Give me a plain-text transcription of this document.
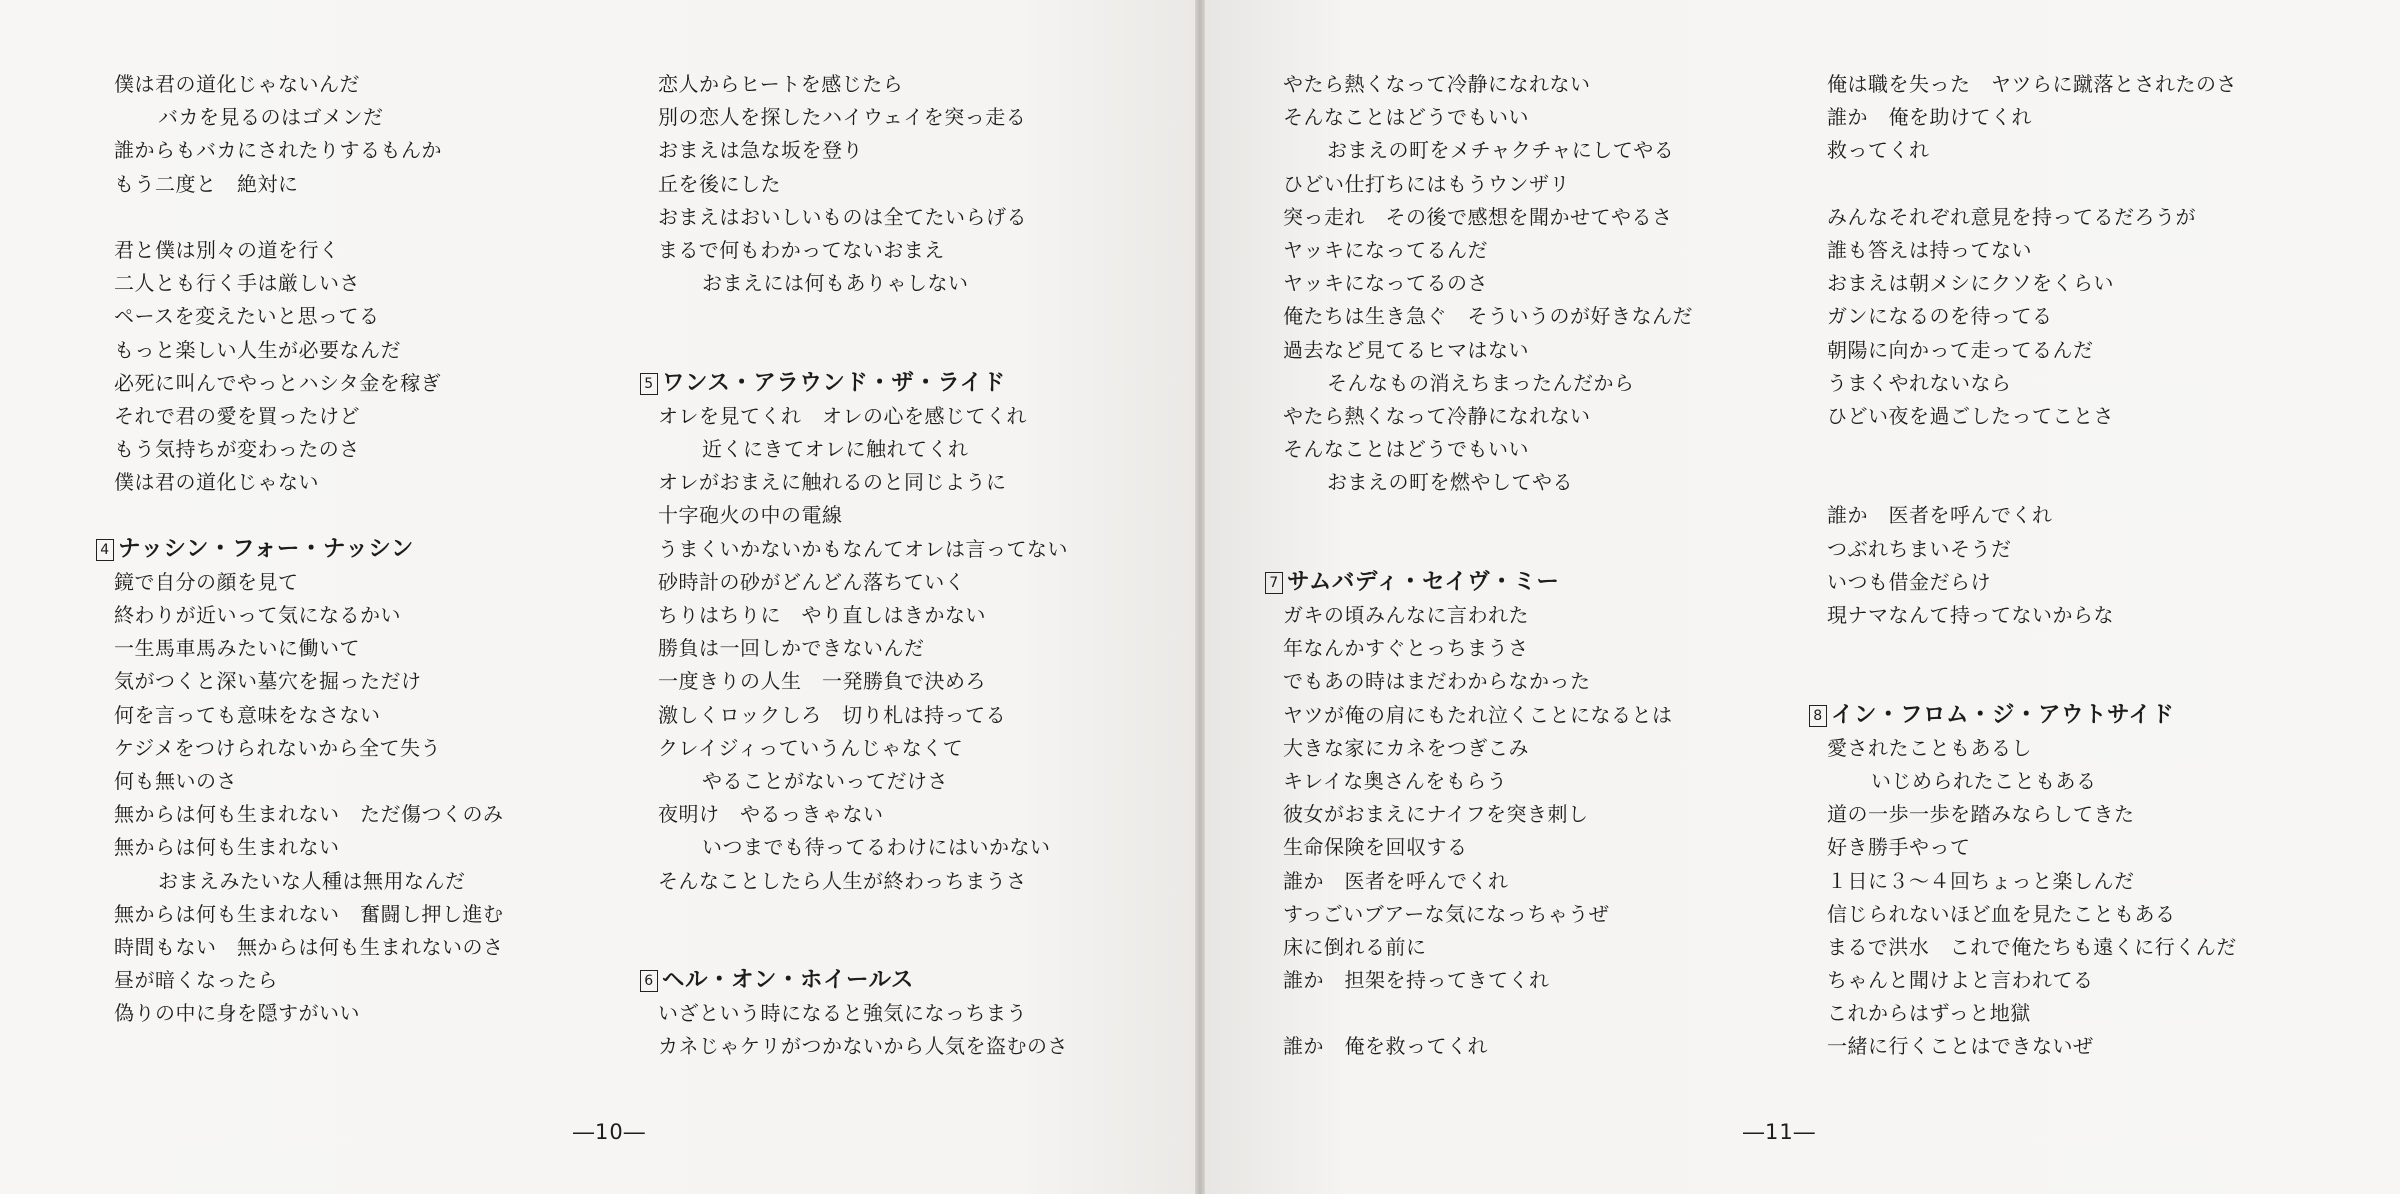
僕は君の道化じゃないんだ
バカを見るのはゴメンだ
誰からもバカにされたりするもんか
もう二度と　絶対に
君と僕は別々の道を行く
二人とも行く手は厳しいさ
ペースを変えたいと思ってる
もっと楽しい人生が必要なんだ
必死に叫んでやっとハシタ金を稼ぎ
それで君の愛を買ったけど
もう気持ちが変わったのさ
僕は君の道化じゃない
4 ナッシン・フォー・ナッシン
鏡で自分の顔を見て
終わりが近いって気になるかい
一生馬車馬みたいに働いて
気がつくと深い墓穴を掘っただけ
何を言っても意味をなさない
ケジメをつけられないから全て失う
何も無いのさ
無からは何も生まれない　ただ傷つくのみ
無からは何も生まれない
おまえみたいな人種は無用なんだ
無からは何も生まれない　奮闘し押し進む
時間もない　無からは何も生まれないのさ
昼が暗くなったら
偽りの中に身を隠すがいい
恋人からヒートを感じたら
別の恋人を探したハイウェイを突っ走る
おまえは急な坂を登り
丘を後にした
おまえはおいしいものは全てたいらげる
まるで何もわかってないおまえ
おまえには何もありゃしない
5 ワンス・アラウンド・ザ・ライド
オレを見てくれ　オレの心を感じてくれ
近くにきてオレに触れてくれ
オレがおまえに触れるのと同じように
十字砲火の中の電線
うまくいかないかもなんてオレは言ってない
砂時計の砂がどんどん落ちていく
ちりはちりに　やり直しはきかない
勝負は一回しかできないんだ
一度きりの人生　一発勝負で決めろ
激しくロックしろ　切り札は持ってる
クレイジィっていうんじゃなくて
やることがないってだけさ
夜明け　やるっきゃない
いつまでも待ってるわけにはいかない
そんなことしたら人生が終わっちまうさ
6 ヘル・オン・ホイールス
いざという時になると強気になっちまう
カネじゃケリがつかないから人気を盗むのさ
―10―
やたら熱くなって冷静になれない
そんなことはどうでもいい
おまえの町をメチャクチャにしてやる
ひどい仕打ちにはもうウンザリ
突っ走れ　その後で感想を聞かせてやるさ
ヤッキになってるんだ
ヤッキになってるのさ
俺たちは生き急ぐ　そういうのが好きなんだ
過去など見てるヒマはない
そんなもの消えちまったんだから
やたら熱くなって冷静になれない
そんなことはどうでもいい
おまえの町を燃やしてやる
7 サムバディ・セイヴ・ミー
ガキの頃みんなに言われた
年なんかすぐとっちまうさ
でもあの時はまだわからなかった
ヤツが俺の肩にもたれ泣くことになるとは
大きな家にカネをつぎこみ
キレイな奥さんをもらう
彼女がおまえにナイフを突き刺し
生命保険を回収する
誰か　医者を呼んでくれ
すっごいブアーな気になっちゃうぜ
床に倒れる前に
誰か　担架を持ってきてくれ
誰か　俺を救ってくれ
俺は職を失った　ヤツらに蹴落とされたのさ
誰か　俺を助けてくれ
救ってくれ
みんなそれぞれ意見を持ってるだろうが
誰も答えは持ってない
おまえは朝メシにクソをくらい
ガンになるのを待ってる
朝陽に向かって走ってるんだ
うまくやれないなら
ひどい夜を過ごしたってことさ
誰か　医者を呼んでくれ
つぶれちまいそうだ
いつも借金だらけ
現ナマなんて持ってないからな
8 イン・フロム・ジ・アウトサイド
愛されたこともあるし
いじめられたこともある
道の一歩一歩を踏みならしてきた
好き勝手やって
１日に３～４回ちょっと楽しんだ
信じられないほど血を見たこともある
まるで洪水　これで俺たちも遠くに行くんだ
ちゃんと聞けよと言われてる
これからはずっと地獄
一緒に行くことはできないぜ
―11―
